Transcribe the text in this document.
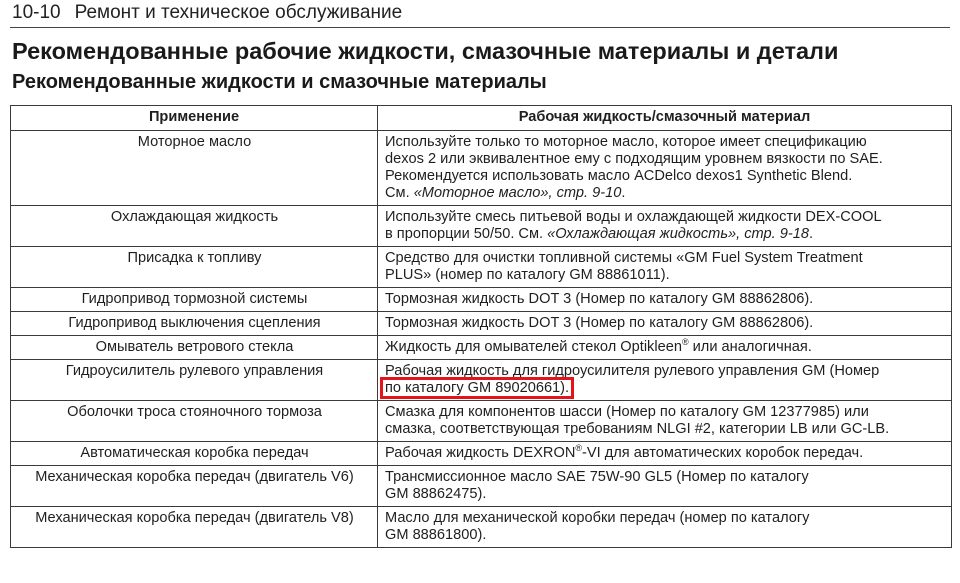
10-10 Ремонт и техническое обслуживание
Рекомендованные рабочие жидкости, смазочные материалы и детали
Рекомендованные жидкости и смазочные материалы
Применение	Рабочая жидкость/смазочный материал
Моторное масло	Используйте только то моторное масло, которое имеет спецификацию
dexos 2 или эквивалентное ему с подходящим уровнем вязкости по SAE.
Рекомендуется использовать масло ACDelco dexos1 Synthetic Blend.
См. «Моторное масло», стр. 9-10.

Охлаждающая жидкость	Используйте смесь питьевой воды и охлаждающей жидкости DEX-COOL
в пропорции 50/50. См. «Охлаждающая жидкость», стр. 9-18.

Присадка к топливу	Средство для очистки топливной системы «GM Fuel System Treatment
PLUS» (номер по каталогу GM 88861011).

Гидропривод тормозной системы	Тормозная жидкость DOT 3 (Номер по каталогу GM 88862806).

Гидропривод выключения сцепления	Тормозная жидкость DOT 3 (Номер по каталогу GM 88862806).

Омыватель ветрового стекла	Жидкость для омывателей стекол Optikleen® или аналогичная.

Гидроусилитель рулевого управления	Рабочая жидкость для гидроусилителя рулевого управления GM (Номер
по каталогу GM 89020661).

Оболочки троса стояночного тормоза	Смазка для компонентов шасси (Номер по каталогу GM 12377985) или
смазка, соответствующая требованиям NLGI #2, категории LB или GC-LB.

Автоматическая коробка передач	Рабочая жидкость DEXRON®-VI для автоматических коробок передач.

Механическая коробка передач (двигатель V6)	Трансмиссионное масло SAE 75W-90 GL5 (Номер по каталогу
GM 88862475).

Механическая коробка передач (двигатель V8)	Масло для механической коробки передач (номер по каталогу
GM 88861800).
